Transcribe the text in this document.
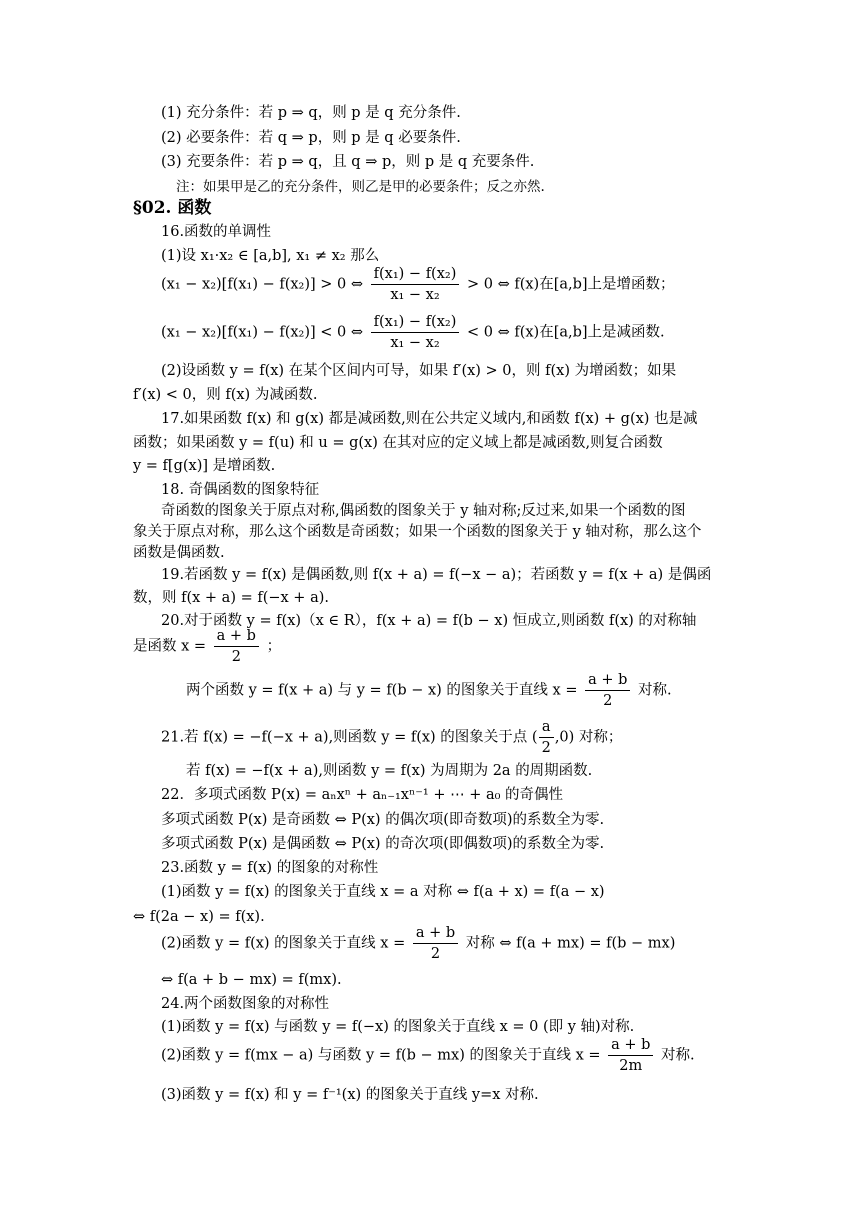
(1) 充分条件：若 p ⇒ q，则 p 是 q 充分条件.
(2) 必要条件：若 q ⇒ p，则 p 是 q 必要条件.
(3) 充要条件：若 p ⇒ q，且 q ⇒ p，则 p 是 q 充要条件.
注：如果甲是乙的充分条件，则乙是甲的必要条件；反之亦然.
§02. 函数
16.函数的单调性
(1)设 x₁·x₂ ∈ [a,b], x₁ ≠ x₂ 那么
(x₁ − x₂)[f(x₁) − f(x₂)] > 0 ⇔ $\frac{\text{f(x₁) − f(x₂)}}{\text{x₁ − x₂}} > 0$ ⇔ f(x)在[a,b]上是增函数；
(x₁ − x₂)[f(x₁) − f(x₂)] < 0 ⇔ $\frac{\text{f(x₁) − f(x₂)}}{\text{x₁ − x₂}} < 0$ ⇔ f(x)在[a,b]上是减函数.
(2)设函数 y = f(x) 在某个区间内可导，如果 f′(x) > 0，则 f(x) 为增函数；如果
f′(x) < 0，则 f(x) 为减函数.
17.如果函数 f(x) 和 g(x) 都是减函数,则在公共定义域内,和函数 f(x) + g(x) 也是减
函数；如果函数 y = f(u) 和 u = g(x) 在其对应的定义域上都是减函数,则复合函数
y = f[g(x)] 是增函数.
18. 奇偶函数的图象特征
奇函数的图象关于原点对称,偶函数的图象关于 y 轴对称;反过来,如果一个函数的图
象关于原点对称，那么这个函数是奇函数；如果一个函数的图象关于 y 轴对称，那么这个
函数是偶函数.
19.若函数 y = f(x) 是偶函数,则 f(x + a) = f(−x − a)；若函数 y = f(x + a) 是偶函
数，则 f(x + a) = f(−x + a).
20.对于函数 y = f(x)（x ∈ R），f(x + a) = f(b − x) 恒成立,则函数 f(x) 的对称轴
是函数 $x = \frac{a + b}{2}$ ；
两个函数 y = f(x + a) 与 y = f(b − x) 的图象关于直线 $x = \frac{a + b}{2}$ 对称.
21.若 f(x) = −f(−x + a),则函数 y = f(x) 的图象关于点 ( $\frac{a}{2} ,0$) 对称；
若 f(x) = −f(x + a),则函数 y = f(x) 为周期为 2a 的周期函数.
22．多项式函数 P(x) = aₙxⁿ + aₙ₋₁xⁿ⁻¹ + ⋯ + a₀ 的奇偶性
多项式函数 P(x) 是奇函数 ⇔ P(x) 的偶次项(即奇数项)的系数全为零.
多项式函数 P(x) 是偶函数 ⇔ P(x) 的奇次项(即偶数项)的系数全为零.
23.函数 y = f(x) 的图象的对称性
(1)函数 y = f(x) 的图象关于直线 x = a 对称 ⇔ f(a + x) = f(a − x)
⇔ f(2a − x) = f(x).
(2)函数 y = f(x) 的图象关于直线 $x = \frac{a + b}{2}$ 对称 ⇔ f(a + mx) = f(b − mx)
⇔ f(a + b − mx) = f(mx).
24.两个函数图象的对称性
(1)函数 y = f(x) 与函数 y = f(−x) 的图象关于直线 x = 0 (即 y 轴)对称.
(2)函数 y = f(mx − a) 与函数 y = f(b − mx) 的图象关于直线 $x = \frac{a + b}{2m}$ 对称.
(3)函数 y = f(x) 和 y = f⁻¹(x) 的图象关于直线 y=x 对称.
